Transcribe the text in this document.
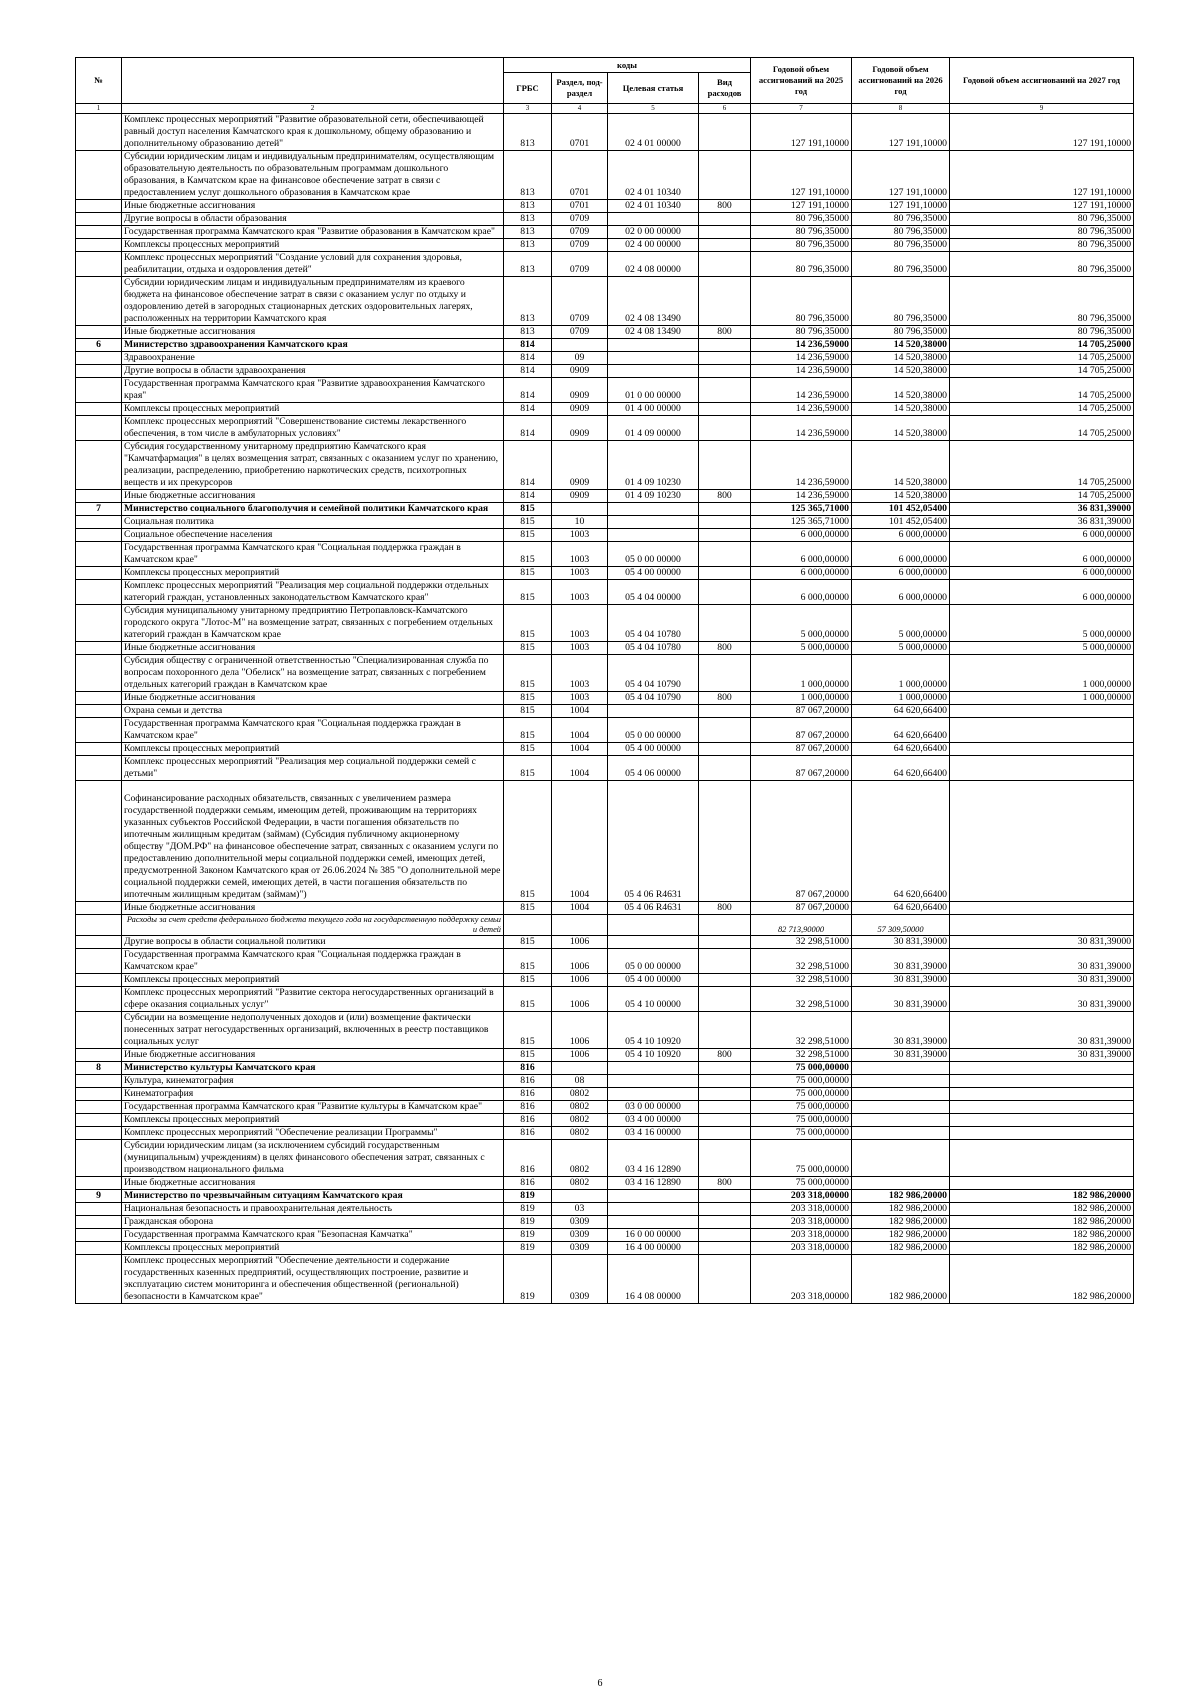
№		коды				Годовой объем ассигнований на 2025 год	Годовой объем ассигнований на 2026 год	Годовой объем ассигнований на 2027 год
		ГРБС	Раздел, под-раздел	Целевая статья	Вид расходов			
1	2	3	4	5	6	7	8	9
	Комплекс процессных мероприятий "Развитие образовательной сети, обеспечивающей равный доступ населения Камчатского края к дошкольному, общему образованию и дополнительному образованию детей"	813	0701	02 4 01 00000		127 191,10000	127 191,10000	127 191,10000
	Субсидии юридическим лицам и индивидуальным предпринимателям, осуществляющим образовательную деятельность по образовательным программам дошкольного образования, в Камчатском крае на финансовое обеспечение затрат в связи с предоставлением услуг дошкольного образования в Камчатском крае	813	0701	02 4 01 10340		127 191,10000	127 191,10000	127 191,10000
	Иные бюджетные ассигнования	813	0701	02 4 01 10340	800	127 191,10000	127 191,10000	127 191,10000
	Другие вопросы в области образования	813	0709			80 796,35000	80 796,35000	80 796,35000
	Государственная программа Камчатского края "Развитие образования в Камчатском крае"	813	0709	02 0 00 00000		80 796,35000	80 796,35000	80 796,35000
	Комплексы процессных мероприятий	813	0709	02 4 00 00000		80 796,35000	80 796,35000	80 796,35000
	Комплекс процессных мероприятий "Создание условий для сохранения здоровья, реабилитации, отдыха и оздоровления детей"	813	0709	02 4 08 00000		80 796,35000	80 796,35000	80 796,35000
	Субсидии юридическим лицам и индивидуальным предпринимателям из краевого бюджета на финансовое обеспечение затрат в связи с оказанием услуг по отдыху и оздоровлению детей в загородных стационарных детских оздоровительных лагерях, расположенных на территории Камчатского края	813	0709	02 4 08 13490		80 796,35000	80 796,35000	80 796,35000
	Иные бюджетные ассигнования	813	0709	02 4 08 13490	800	80 796,35000	80 796,35000	80 796,35000
6	Министерство здравоохранения Камчатского края	814				14 236,59000	14 520,38000	14 705,25000
	Здравоохранение	814	09			14 236,59000	14 520,38000	14 705,25000
	Другие вопросы в области здравоохранения	814	0909			14 236,59000	14 520,38000	14 705,25000
	Государственная программа Камчатского края "Развитие здравоохранения Камчатского края"	814	0909	01 0 00 00000		14 236,59000	14 520,38000	14 705,25000
	Комплексы процессных мероприятий	814	0909	01 4 00 00000		14 236,59000	14 520,38000	14 705,25000
	Комплекс процессных мероприятий "Совершенствование системы лекарственного обеспечения, в том числе в амбулаторных условиях"	814	0909	01 4 09 00000		14 236,59000	14 520,38000	14 705,25000
	Субсидия государственному унитарному предприятию Камчатского края "Камчатфармация" в целях возмещения затрат, связанных с оказанием услуг по хранению, реализации, распределению, приобретению наркотических средств, психотропных веществ и их прекурсоров	814	0909	01 4 09 10230		14 236,59000	14 520,38000	14 705,25000
	Иные бюджетные ассигнования	814	0909	01 4 09 10230	800	14 236,59000	14 520,38000	14 705,25000
7	Министерство социального благополучия и семейной политики Камчатского края	815				125 365,71000	101 452,05400	36 831,39000
	Социальная политика	815	10			125 365,71000	101 452,05400	36 831,39000
	Социальное обеспечение населения	815	1003			6 000,00000	6 000,00000	6 000,00000
	Государственная программа Камчатского края "Социальная поддержка граждан в Камчатском крае"	815	1003	05 0 00 00000		6 000,00000	6 000,00000	6 000,00000
	Комплексы процессных мероприятий	815	1003	05 4 00 00000		6 000,00000	6 000,00000	6 000,00000
	Комплекс процессных мероприятий "Реализация мер социальной поддержки отдельных категорий граждан, установленных законодательством Камчатского края"	815	1003	05 4 04 00000		6 000,00000	6 000,00000	6 000,00000
	Субсидия муниципальному унитарному предприятию Петропавловск-Камчатского городского округа "Лотос-М" на возмещение затрат, связанных с погребением отдельных категорий граждан в Камчатском крае	815	1003	05 4 04 10780		5 000,00000	5 000,00000	5 000,00000
	Иные бюджетные ассигнования	815	1003	05 4 04 10780	800	5 000,00000	5 000,00000	5 000,00000
	Субсидия обществу с ограниченной ответственностью "Специализированная служба по вопросам похоронного дела "Обелиск" на возмещение затрат, связанных с погребением отдельных категорий граждан в Камчатском крае	815	1003	05 4 04 10790		1 000,00000	1 000,00000	1 000,00000
	Иные бюджетные ассигнования	815	1003	05 4 04 10790	800	1 000,00000	1 000,00000	1 000,00000
	Охрана семьи и детства	815	1004			87 067,20000	64 620,66400	
	Государственная программа Камчатского края "Социальная поддержка граждан в Камчатском крае"	815	1004	05 0 00 00000		87 067,20000	64 620,66400	
	Комплексы процессных мероприятий	815	1004	05 4 00 00000		87 067,20000	64 620,66400	
	Комплекс процессных мероприятий "Реализация мер социальной поддержки семей с детьми"	815	1004	05 4 06 00000		87 067,20000	64 620,66400	
	Софинансирование расходных обязательств, связанных с увеличением размера государственной поддержки семьям, имеющим детей, проживающим на территориях указанных субъектов Российской Федерации, в части погашения обязательств по ипотечным жилищным кредитам (займам) (Субсидия публичному акционерному обществу "ДОМ.РФ" на финансовое обеспечение затрат, связанных с оказанием услуги по предоставлению дополнительной меры социальной поддержки семей, имеющих детей, предусмотренной Законом Камчатского края от 26.06.2024 № 385 "О дополнительной мере социальной поддержки семей, имеющих детей, в части погашения обязательств по ипотечным жилищным кредитам (займам)")	815	1004	05 4 06 R4631		87 067,20000	64 620,66400	
	Иные бюджетные ассигнования	815	1004	05 4 06 R4631	800	87 067,20000	64 620,66400	
	Расходы за счет средств федерального бюджета текущего года на государственную поддержку семьи и детей					82 713,90000	57 309,50000	
	Другие вопросы в области социальной политики	815	1006			32 298,51000	30 831,39000	30 831,39000
	Государственная программа Камчатского края "Социальная поддержка граждан в Камчатском крае"	815	1006	05 0 00 00000		32 298,51000	30 831,39000	30 831,39000
	Комплексы процессных мероприятий	815	1006	05 4 00 00000		32 298,51000	30 831,39000	30 831,39000
	Комплекс процессных мероприятий "Развитие сектора негосударственных организаций в сфере оказания социальных услуг"	815	1006	05 4 10 00000		32 298,51000	30 831,39000	30 831,39000
	Субсидии на возмещение недополученных доходов и (или) возмещение фактически понесенных затрат негосударственных организаций, включенных в реестр поставщиков социальных услуг	815	1006	05 4 10 10920		32 298,51000	30 831,39000	30 831,39000
	Иные бюджетные ассигнования	815	1006	05 4 10 10920	800	32 298,51000	30 831,39000	30 831,39000
8	Министерство культуры Камчатского края	816				75 000,00000		
	Культура, кинематография	816	08			75 000,00000		
	Кинематография	816	0802			75 000,00000		
	Государственная программа Камчатского края "Развитие культуры в Камчатском крае"	816	0802	03 0 00 00000		75 000,00000		
	Комплексы процессных мероприятий	816	0802	03 4 00 00000		75 000,00000		
	Комплекс процессных мероприятий "Обеспечение реализации Программы"	816	0802	03 4 16 00000		75 000,00000		
	Субсидии юридическим лицам (за исключением субсидий государственным (муниципальным) учреждениям) в целях финансового обеспечения затрат, связанных с производством национального фильма	816	0802	03 4 16 12890		75 000,00000		
	Иные бюджетные ассигнования	816	0802	03 4 16 12890	800	75 000,00000		
9	Министерство по чрезвычайным ситуациям Камчатского края	819				203 318,00000	182 986,20000	182 986,20000
	Национальная безопасность и правоохранительная деятельность	819	03			203 318,00000	182 986,20000	182 986,20000
	Гражданская оборона	819	0309			203 318,00000	182 986,20000	182 986,20000
	Государственная программа Камчатского края "Безопасная Камчатка"	819	0309	16 0 00 00000		203 318,00000	182 986,20000	182 986,20000
	Комплексы процессных мероприятий	819	0309	16 4 00 00000		203 318,00000	182 986,20000	182 986,20000
	Комплекс процессных мероприятий "Обеспечение деятельности и содержание государственных казенных предприятий, осуществляющих построение, развитие и эксплуатацию систем мониторинга и обеспечения общественной (региональной) безопасности в Камчатском крае"	819	0309	16 4 08 00000		203 318,00000	182 986,20000	182 986,20000
6
